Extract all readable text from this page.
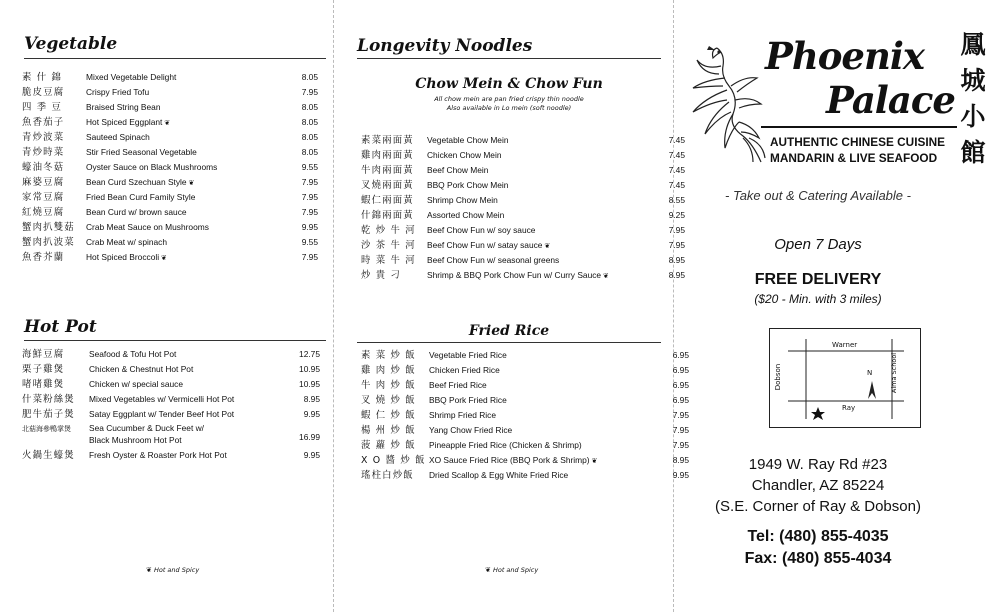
Vegetable
素 什 錦	Mixed Vegetable Delight	8.05
脆皮豆腐	Crispy Fried Tofu	7.95
四 季 豆	Braised String Bean	8.05
魚香茄子	Hot Spiced Eggplant ❦	8.05
青炒波菜	Sauteed Spinach	8.05
青炒時菜	Stir Fried Seasonal Vegetable	8.05
蠔油冬菇	Oyster Sauce on Black Mushrooms	9.55
麻婆豆腐	Bean Curd Szechuan Style ❦	7.95
家常豆腐	Fried Bean Curd Family Style	7.95
紅燒豆腐	Bean Curd w/ brown sauce	7.95
蟹肉扒雙菇 Crab Meat Sauce on Mushrooms	9.95
蟹肉扒波菜 Crab Meat w/ spinach	9.55
魚香芥蘭	Hot Spiced Broccoli ❦	7.95
Hot Pot
海鮮豆腐	Seafood & Tofu Hot Pot	12.75
栗子雞煲	Chicken & Chestnut Hot Pot	10.95
啫啫雞煲	Chicken w/ special sauce	10.95
什菜粉絲煲 Mixed Vegetables w/ Vermicelli Hot Pot	8.95
肥牛茄子煲 Satay Eggplant w/ Tender Beef Hot Pot	9.95
北菇海參鴨掌煲 Sea Cucumber & Duck Feet w/
Black Mushroom Hot Pot	16.99
火鍋生蠔煲 Fresh Oyster & Roaster Pork Hot Pot	9.95
❦ Hot and Spicy
Longevity Noodles
Chow Mein & Chow Fun
All chow mein are pan fried crispy thin noodle
Also available in Lo mein (soft noodle)
素菜兩面黃 Vegetable Chow Mein	7.45
雞肉兩面黃 Chicken Chow Mein	7.45
牛肉兩面黃 Beef Chow Mein	7.45
叉燒兩面黃 BBQ Pork Chow Mein	7.45
蝦仁兩面黃 Shrimp Chow Mein	8.55
什錦兩面黃 Assorted Chow Mein	9.25
乾 炒 牛 河 Beef Chow Fun w/ soy sauce	7.95
沙 茶 牛 河 Beef Chow Fun w/ satay sauce ❦	7.95
時 菜 牛 河 Beef Chow Fun w/ seasonal greens	8.95
炒 貴 刁	Shrimp & BBQ Pork Chow Fun w/ Curry Sauce ❦	8.95
Fried Rice
素 菜 炒 飯 Vegetable Fried Rice	6.95
雞 肉 炒 飯 Chicken Fried Rice	6.95
牛 肉 炒 飯 Beef Fried Rice	6.95
叉 燒 炒 飯 BBQ Pork Fried Rice	6.95
蝦 仁 炒 飯 Shrimp Fried Rice	7.95
楊 州 炒 飯 Yang Chow Fried Rice	7.95
菠 蘿 炒 飯 Pineapple Fried Rice (Chicken & Shrimp)	7.95
X O 醬 炒 飯 XO Sauce Fried Rice (BBQ Pork & Shrimp) ❦	8.95
瑤柱白炒飯 Dried Scallop & Egg White Fried Rice	9.95
❦ Hot and Spicy
Phoenix
Palace
AUTHENTIC CHINESE CUISINE
MANDARIN & LIVE SEAFOOD
- Take out & Catering Available -
Open 7 Days
FREE DELIVERY
($20 - Min. with 3 miles)
Warner
Ray
Dobson	Alma School
N
1949 W. Ray Rd #23
Chandler, AZ 85224
(S.E. Corner of Ray & Dobson)
Tel: (480) 855-4035
Fax: (480) 855-4034
鳳
城
小
館
